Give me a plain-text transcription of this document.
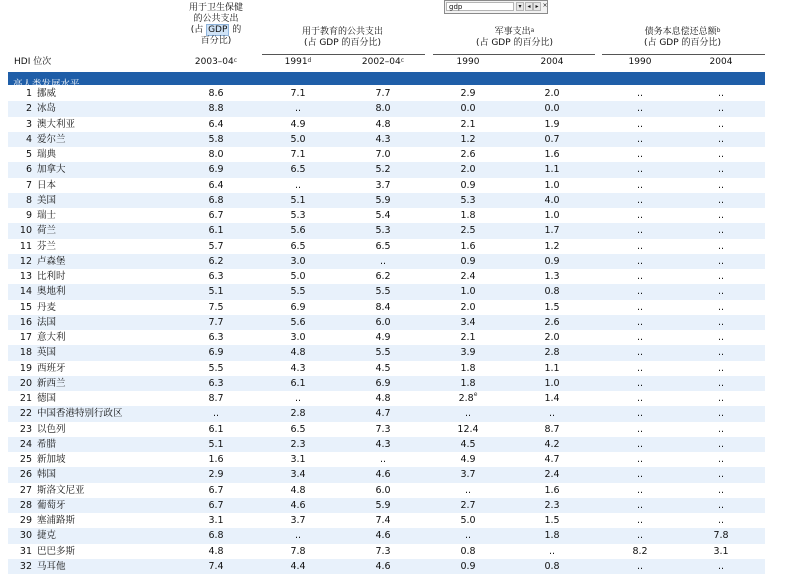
gdp	▾ ◂ ▸ ×
用于卫生保健
的公共支出
(占 GDP 的
百分比)
用于教育的公共支出
(占 GDP 的百分比)
军事支出$^a$
(占 GDP 的百分比)
债务本息偿还总额$^b$
(占 GDP 的百分比)
HDI 位次	2003–04$^c$	1991$^d$	2002–04$^c$	1990	2004	1990	2004
高人类发展水平
1 挪威	8.6	7.1	7.7	2.9	2.0	..	..
2 冰岛	8.8	..	8.0	0.0	0.0	..	..
3 澳大利亚	6.4	4.9	4.8	2.1	1.9	..	..
4 爱尔兰	5.8	5.0	4.3	1.2	0.7	..	..
5 瑞典	8.0	7.1	7.0	2.6	1.6	..	..
6 加拿大	6.9	6.5	5.2	2.0	1.1	..	..
7 日本	6.4	..	3.7	0.9	1.0	..	..
8 美国	6.8	5.1	5.9	5.3	4.0	..	..
9 瑞士	6.7	5.3	5.4	1.8	1.0	..	..
10 荷兰	6.1	5.6	5.3	2.5	1.7	..	..
11 芬兰	5.7	6.5	6.5	1.6	1.2	..	..
12 卢森堡	6.2	3.0	..	0.9	0.9	..	..
13 比利时	6.3	5.0	6.2	2.4	1.3	..	..
14 奥地利	5.1	5.5	5.5	1.0	0.8	..	..
15 丹麦	7.5	6.9	8.4	2.0	1.5	..	..
16 法国	7.7	5.6	6.0	3.4	2.6	..	..
17 意大利	6.3	3.0	4.9	2.1	2.0	..	..
18 英国	6.9	4.8	5.5	3.9	2.8	..	..
19 西班牙	5.5	4.3	4.5	1.8	1.1	..	..
20 新西兰	6.3	6.1	6.9	1.8	1.0	..	..
21 德国	8.7	..	4.8	2.8e	1.4	..	..
22 中国香港特别行政区	..	2.8	4.7	..	..	..	..
23 以色列	6.1	6.5	7.3	12.4	8.7	..	..
24 希腊	5.1	2.3	4.3	4.5	4.2	..	..
25 新加坡	1.6	3.1	..	4.9	4.7	..	..
26 韩国	2.9	3.4	4.6	3.7	2.4	..	..
27 斯洛文尼亚	6.7	4.8	6.0	..	1.6	..	..
28 葡萄牙	6.7	4.6	5.9	2.7	2.3	..	..
29 塞浦路斯	3.1	3.7	7.4	5.0	1.5	..	..
30 捷克	6.8	..	4.6	..	1.8	..	7.8
31 巴巴多斯	4.8	7.8	7.3	0.8	..	8.2	3.1
32 马耳他	7.4	4.4	4.6	0.9	0.8	..	..
